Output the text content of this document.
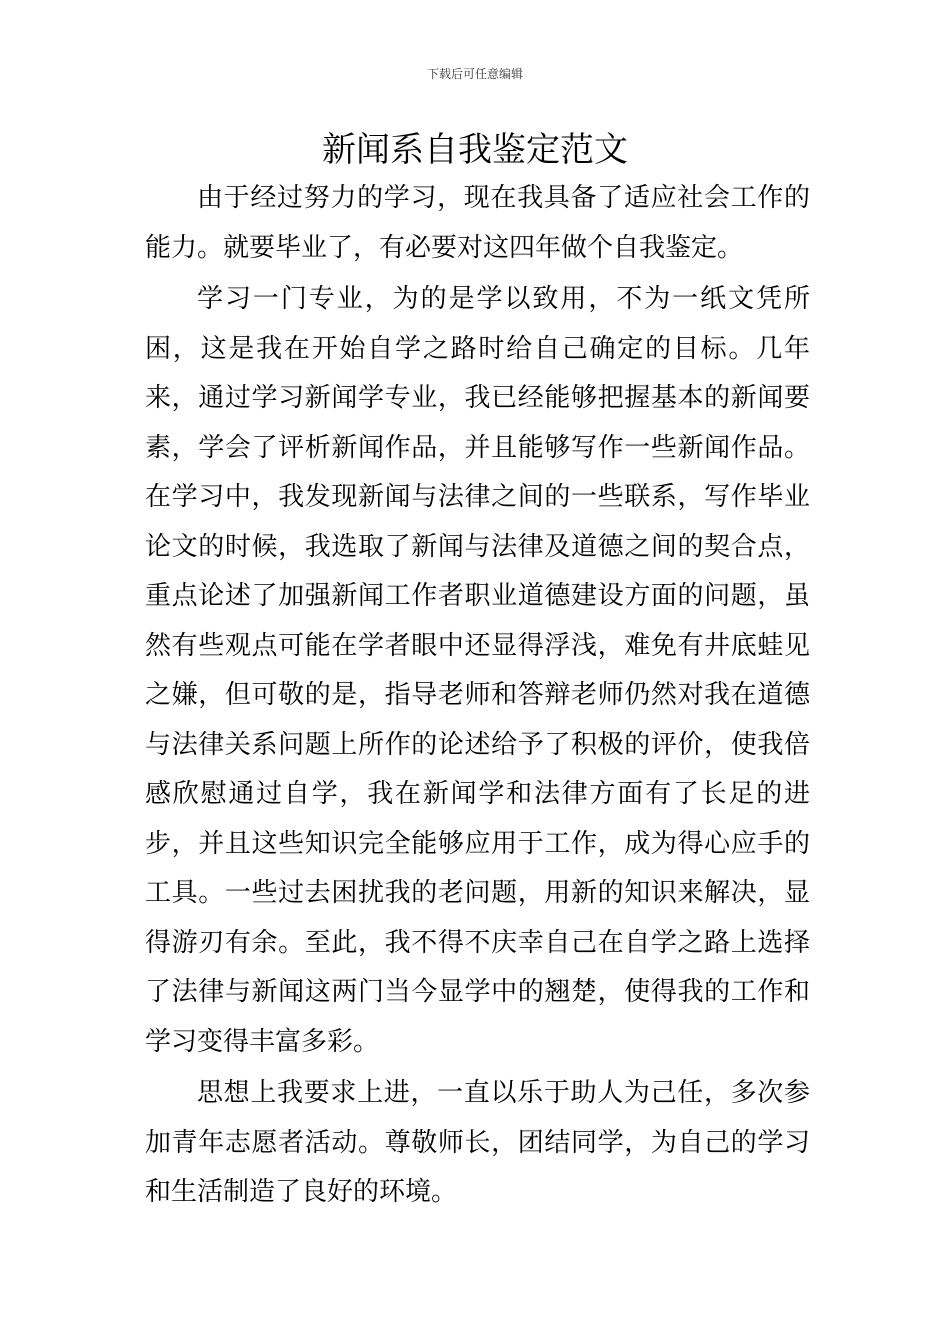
下载后可任意编辑
新闻系自我鉴定范文

由于经过努力的学习，现在我具备了适应社会工作的能力。就要毕业了，有必要对这四年做个自我鉴定。

学习一门专业，为的是学以致用，不为一纸文凭所困，这是我在开始自学之路时给自己确定的目标。几年来，通过学习新闻学专业，我已经能够把握基本的新闻要素，学会了评析新闻作品，并且能够写作一些新闻作品。在学习中，我发现新闻与法律之间的一些联系，写作毕业论文的时候，我选取了新闻与法律及道德之间的契合点，重点论述了加强新闻工作者职业道德建设方面的问题，虽然有些观点可能在学者眼中还显得浮浅，难免有井底蛙见之嫌，但可敬的是，指导老师和答辩老师仍然对我在道德与法律关系问题上所作的论述给予了积极的评价，使我倍感欣慰通过自学，我在新闻学和法律方面有了长足的进步，并且这些知识完全能够应用于工作，成为得心应手的工具。一些过去困扰我的老问题，用新的知识来解决，显得游刃有余。至此，我不得不庆幸自己在自学之路上选择了法律与新闻这两门当今显学中的翘楚，使得我的工作和学习变得丰富多彩。

思想上我要求上进，一直以乐于助人为己任，多次参加青年志愿者活动。尊敬师长，团结同学，为自己的学习和生活制造了良好的环境。
